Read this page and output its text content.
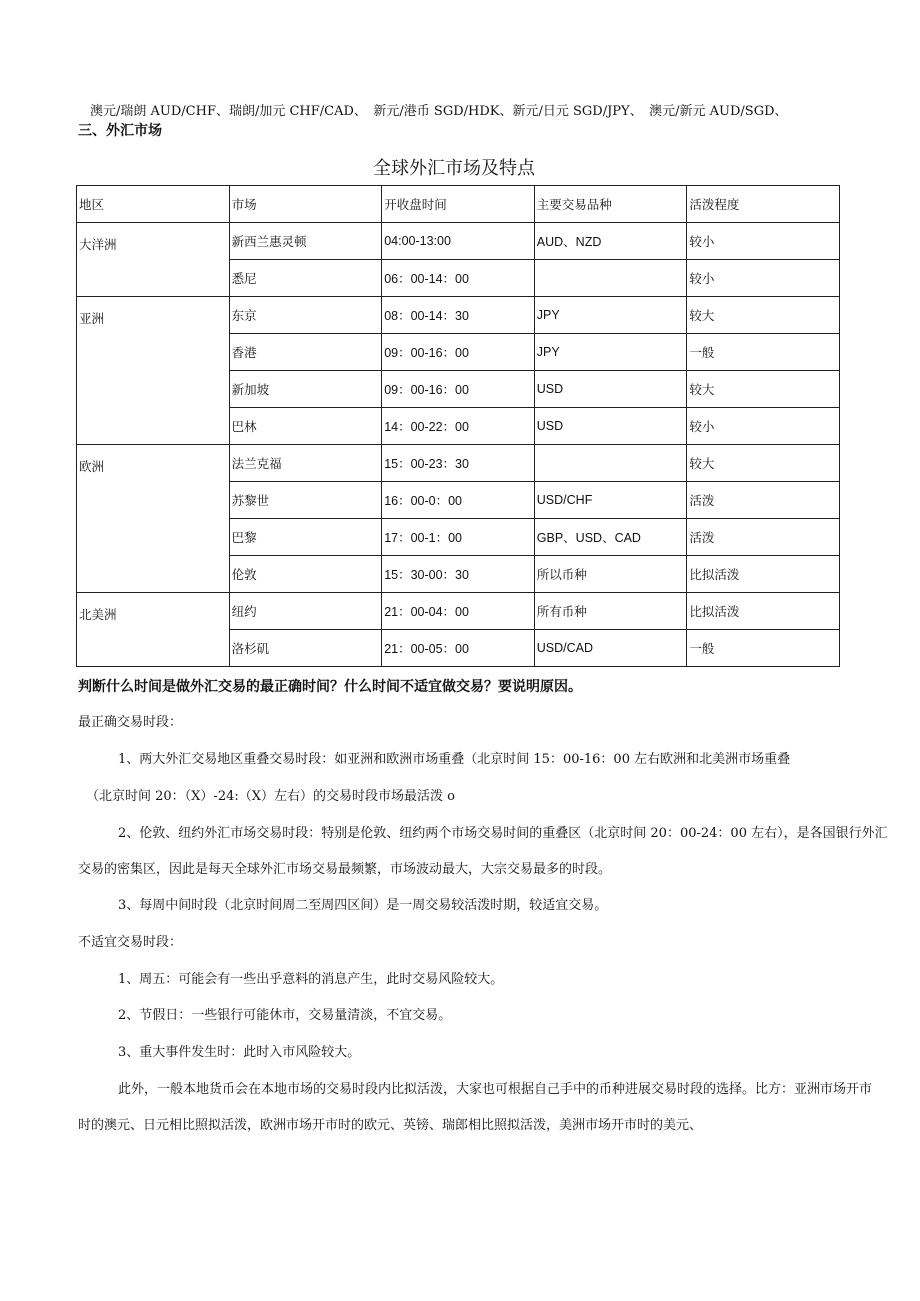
澳元/瑞朗 AUD/CHF、瑞朗/加元 CHF/CAD、　新元/港币 SGD/HDK、新元/日元 SGD/JPY、　澳元/新元 AUD/SGD、
三、外汇市场
全球外汇市场及特点
地区	市场	开收盘时间	主要交易品种	活泼程度
大洋洲	新西兰惠灵顿	04:00-13:00	AUD、NZD	较小
	悉尼	06：00-14：00		较小
亚洲	东京	08：00-14：30	JPY	较大
	香港	09：00-16：00	JPY	一般
	新加坡	09：00-16：00	USD	较大
	巴林	14：00-22：00	USD	较小
欧洲	法兰克福	15：00-23：30		较大
	苏黎世	16：00-0：00	USD/CHF	活泼
	巴黎	17：00-1：00	GBP、USD、CAD	活泼
	伦敦	15：30-00：30	所以币种	比拟活泼
北美洲	纽约	21：00-04：00	所有币种	比拟活泼
	洛杉矶	21：00-05：00	USD/CAD	一般
判断什么时间是做外汇交易的最正确时间？什么时间不适宜做交易？要说明原因。
最正确交易时段：
1、两大外汇交易地区重叠交易时段：如亚洲和欧洲市场重叠（北京时间 15：00-16：00 左右欧洲和北美洲市场重叠
（北京时间 20：（X）-24:（X）左右）的交易时段市场最活泼 o
2、伦敦、纽约外汇市场交易时段：特别是伦敦、纽约两个市场交易时间的重叠区（北京时间 20：00-24：00 左右），是各国银行外汇
交易的密集区，因此是每天全球外汇市场交易最频繁，市场波动最大，大宗交易最多的时段。
3、每周中间时段（北京时间周二至周四区间）是一周交易较活泼时期，较适宜交易。
不适宜交易时段：
1、周五：可能会有一些出乎意料的消息产生，此时交易风险较大。
2、节假日：一些银行可能休市，交易量清淡，不宜交易。
3、重大事件发生时：此时入市风险较大。
此外，一般本地货币会在本地市场的交易时段内比拟活泼，大家也可根据自己手中的币种进展交易时段的选择。比方：亚洲市场开市
时的澳元、日元相比照拟活泼，欧洲市场开市时的欧元、英镑、瑞郎相比照拟活泼，美洲市场开市时的美元、
